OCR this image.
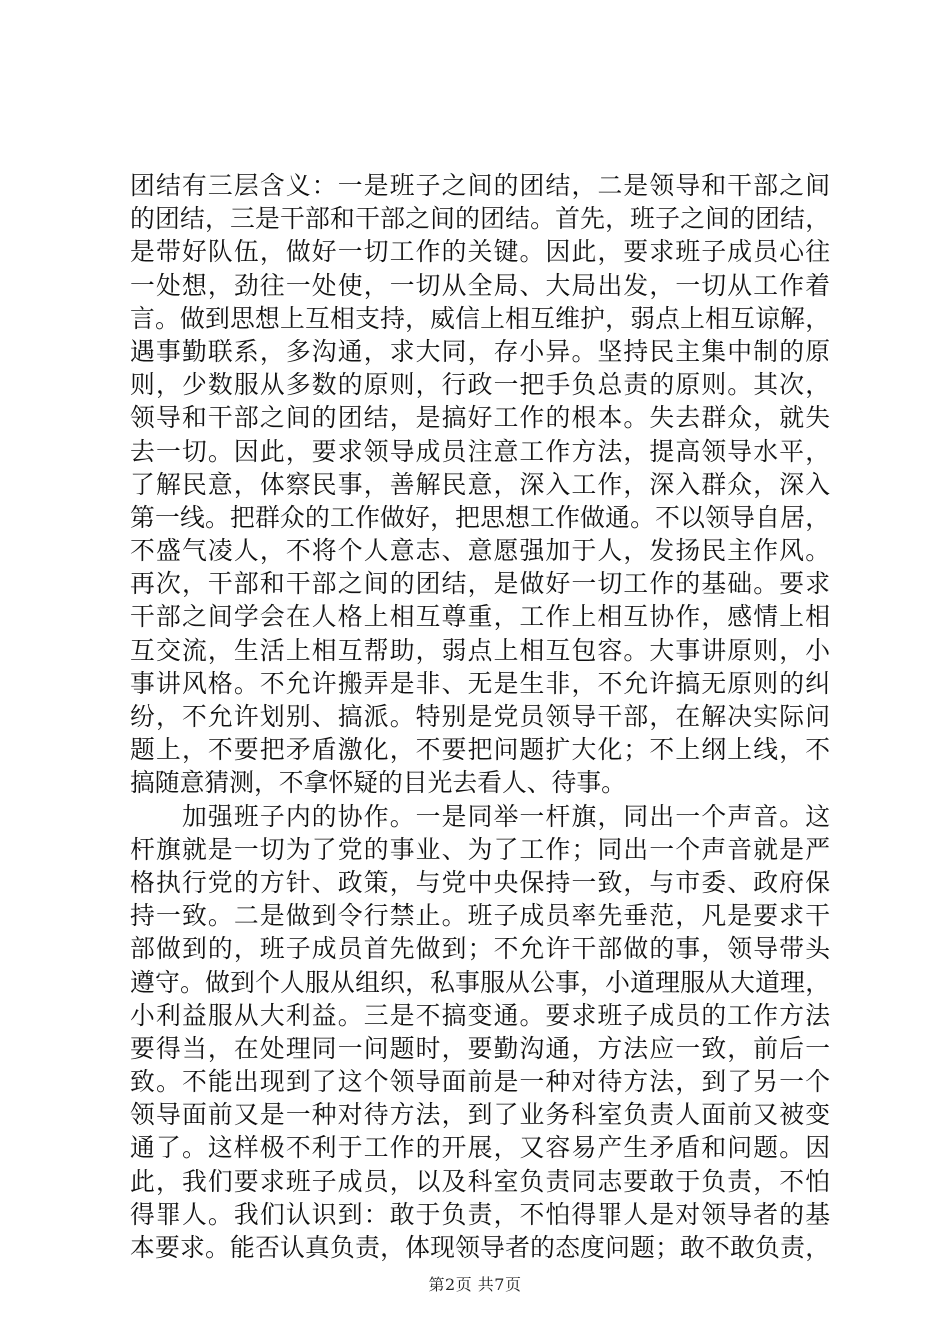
团结有三层含义：一是班子之间的团结，二是领导和干部之间
的团结，三是干部和干部之间的团结。首先，班子之间的团结，
是带好队伍，做好一切工作的关键。因此，要求班子成员心往
一处想，劲往一处使，一切从全局、大局出发，一切从工作着
言。做到思想上互相支持，威信上相互维护，弱点上相互谅解，
遇事勤联系，多沟通，求大同，存小异。坚持民主集中制的原
则，少数服从多数的原则，行政一把手负总责的原则。其次，
领导和干部之间的团结，是搞好工作的根本。失去群众，就失
去一切。因此，要求领导成员注意工作方法，提高领导水平，
了解民意，体察民事，善解民意，深入工作，深入群众，深入
第一线。把群众的工作做好，把思想工作做通。不以领导自居，
不盛气凌人，不将个人意志、意愿强加于人，发扬民主作风。
再次，干部和干部之间的团结，是做好一切工作的基础。要求
干部之间学会在人格上相互尊重，工作上相互协作，感情上相
互交流，生活上相互帮助，弱点上相互包容。大事讲原则，小
事讲风格。不允许搬弄是非、无是生非，不允许搞无原则的纠
纷，不允许划别、搞派。特别是党员领导干部，在解决实际问
题上，不要把矛盾激化，不要把问题扩大化；不上纲上线，不
搞随意猜测，不拿怀疑的目光去看人、待事。
　　加强班子内的协作。一是同举一杆旗，同出一个声音。这
杆旗就是一切为了党的事业、为了工作；同出一个声音就是严
格执行党的方针、政策，与党中央保持一致，与市委、政府保
持一致。二是做到令行禁止。班子成员率先垂范，凡是要求干
部做到的，班子成员首先做到；不允许干部做的事，领导带头
遵守。做到个人服从组织，私事服从公事，小道理服从大道理，
小利益服从大利益。三是不搞变通。要求班子成员的工作方法
要得当，在处理同一问题时，要勤沟通，方法应一致，前后一
致。不能出现到了这个领导面前是一种对待方法，到了另一个
领导面前又是一种对待方法，到了业务科室负责人面前又被变
通了。这样极不利于工作的开展，又容易产生矛盾和问题。因
此，我们要求班子成员，以及科室负责同志要敢于负责，不怕
得罪人。我们认识到：敢于负责，不怕得罪人是对领导者的基
本要求。能否认真负责，体现领导者的态度问题；敢不敢负责，
第2页 共7页
